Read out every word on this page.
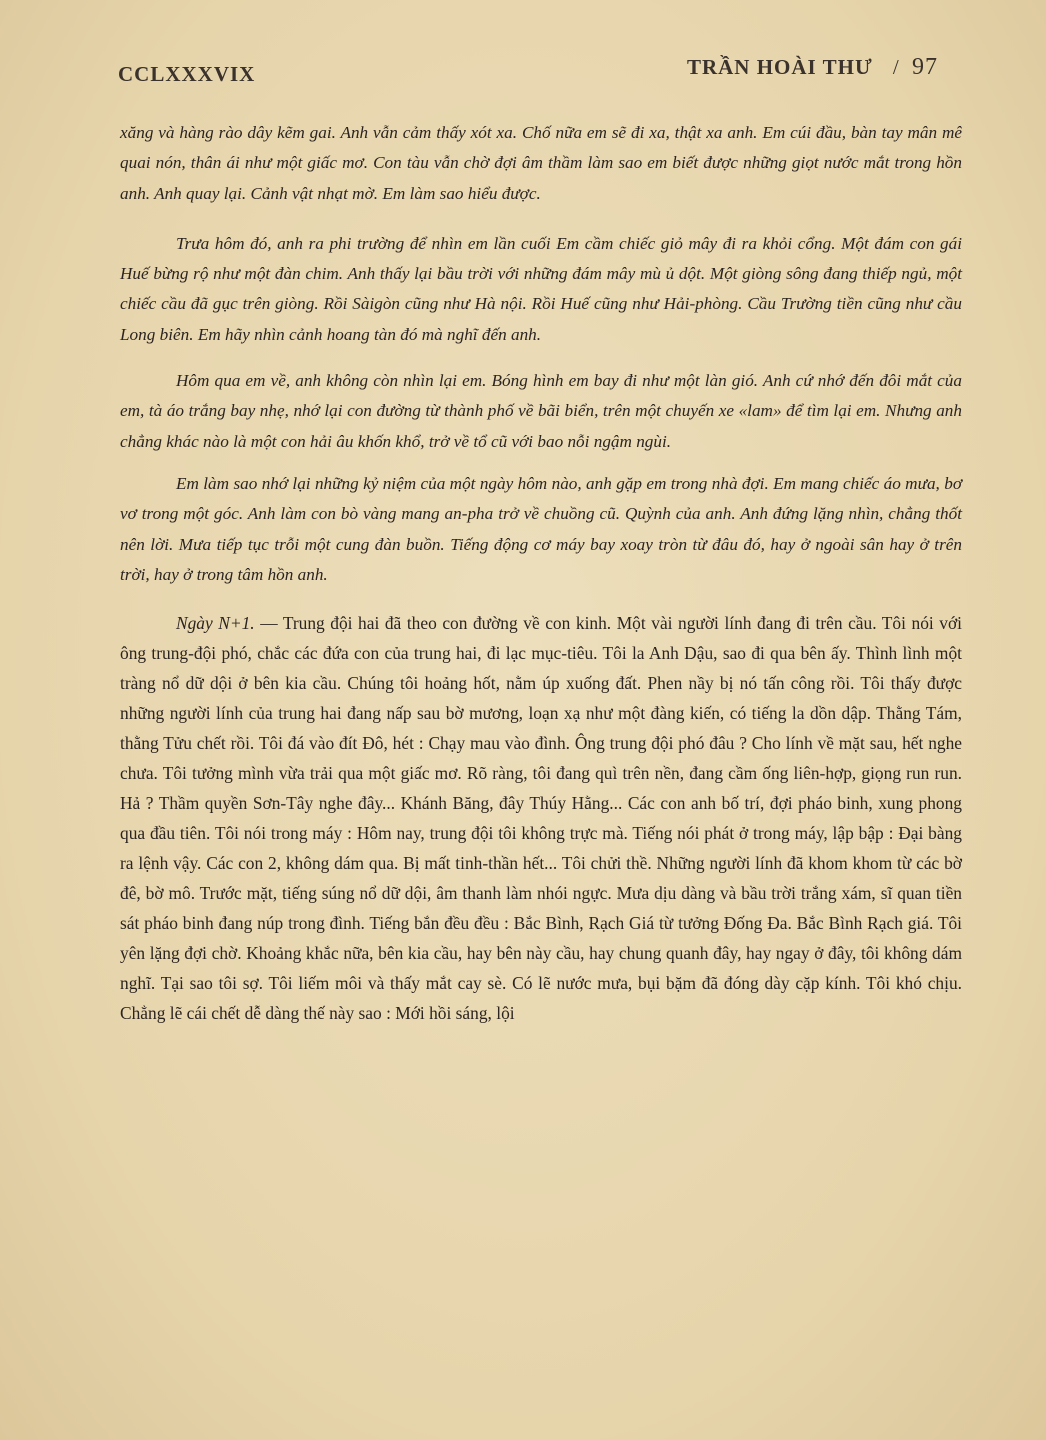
CCLXXXVIX	TRẦN HOÀI THƯ / 97

xăng và hàng rào dây kẽm gai. Anh vẫn cảm thấy xót xa. Chố nữa em sẽ đi xa, thật xa anh. Em cúi đầu, bàn tay mân mê quai nón, thân ái như một giấc mơ. Con tàu vẫn chờ đợi âm thầm làm sao em biết được những giọt nước mắt trong hồn anh. Anh quay lại. Cảnh vật nhạt mờ. Em làm sao hiểu được.

Trưa hôm đó, anh ra phi trường để nhìn em lần cuối Em cầm chiếc giỏ mây đi ra khỏi cổng. Một đám con gái Huế bừng rộ như một đàn chim. Anh thấy lại bầu trời với những đám mây mù ủ dột. Một giòng sông đang thiếp ngủ, một chiếc cầu đã gục trên giòng. Rồi Sàigòn cũng như Hà nội. Rồi Huế cũng như Hải-phòng. Cầu Trường tiền cũng như cầu Long biên. Em hãy nhìn cảnh hoang tàn đó mà nghĩ đến anh.

Hôm qua em về, anh không còn nhìn lại em. Bóng hình em bay đi như một làn gió. Anh cứ nhớ đến đôi mắt của em, tà áo trắng bay nhẹ, nhớ lại con đường từ thành phố về bãi biển, trên một chuyến xe «lam» để tìm lại em. Nhưng anh chẳng khác nào là một con hải âu khốn khổ, trở về tổ cũ với bao nỗi ngậm ngùi.

Em làm sao nhớ lại những kỷ niệm của một ngày hôm nào, anh gặp em trong nhà đợi. Em mang chiếc áo mưa, bơ vơ trong một góc. Anh làm con bò vàng mang an-pha trở về chuồng cũ. Quỳnh của anh. Anh đứng lặng nhìn, chẳng thốt nên lời. Mưa tiếp tục trỗi một cung đàn buồn. Tiếng động cơ máy bay xoay tròn từ đâu đó, hay ở ngoài sân hay ở trên trời, hay ở trong tâm hồn anh.

Ngày N+1. — Trung đội hai đã theo con đường về con kinh. Một vài người lính đang đi trên cầu. Tôi nói với ông trung-đội phó, chắc các đứa con của trung hai, đi lạc mục-tiêu. Tôi la Anh Dậu, sao đi qua bên ấy. Thình lình một tràng nổ dữ dội ở bên kia cầu. Chúng tôi hoảng hốt, nằm úp xuống đất. Phen nầy bị nó tấn công rồi. Tôi thấy được những người lính của trung hai đang nấp sau bờ mương, loạn xạ như một đàng kiến, có tiếng la dồn dập. Thằng Tám, thằng Tửu chết rồi. Tôi đá vào đít Đô, hét : Chạy mau vào đình. Ông trung đội phó đâu ? Cho lính về mặt sau, hết nghe chưa. Tôi tưởng mình vừa trải qua một giấc mơ. Rõ ràng, tôi đang quì trên nền, đang cầm ống liên-hợp, giọng run run. Hả ? Thầm quyền Sơn-Tây nghe đây... Khánh Băng, đây Thúy Hằng... Các con anh bố trí, đợi pháo binh, xung phong qua đầu tiên. Tôi nói trong máy : Hôm nay, trung đội tôi không trực mà. Tiếng nói phát ở trong máy, lập bập : Đại bàng ra lệnh vậy. Các con 2, không dám qua. Bị mất tinh-thần hết... Tôi chửi thề. Những người lính đã khom khom từ các bờ đê, bờ mô. Trước mặt, tiếng súng nổ dữ dội, âm thanh làm nhói ngực. Mưa dịu dàng và bầu trời trắng xám, sĩ quan tiền sát pháo binh đang núp trong đình. Tiếng bắn đều đều : Bắc Bình, Rạch Giá từ tưởng Đống Đa. Bắc Bình Rạch giá. Tôi yên lặng đợi chờ. Khoảng khắc nữa, bên kia cầu, hay bên này cầu, hay chung quanh đây, hay ngay ở đây, tôi không dám nghĩ. Tại sao tôi sợ. Tôi liếm môi và thấy mắt cay sè. Có lẽ nước mưa, bụi bặm đã đóng dày cặp kính. Tôi khó chịu. Chẳng lẽ cái chết dễ dàng thế này sao : Mới hồi sáng, lội
